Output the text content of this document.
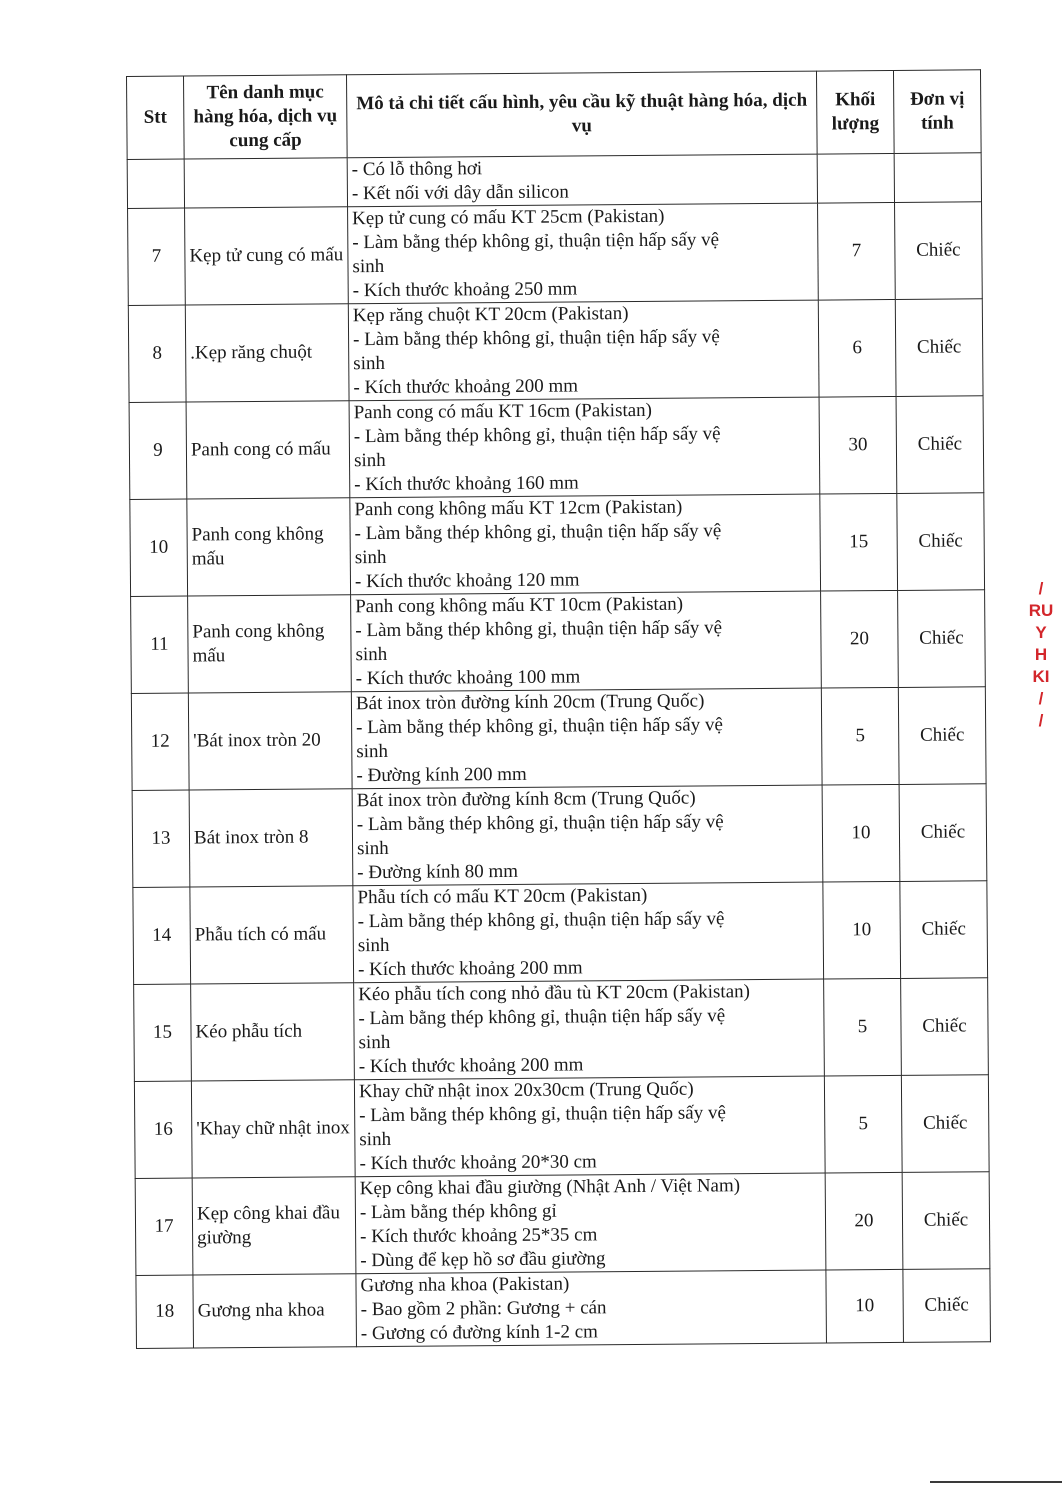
Stt	Tên danh mục hàng hóa, dịch vụ cung cấp	Mô tả chi tiết cấu hình, yêu cầu kỹ thuật hàng hóa, dịch vụ	Khối lượng	Đơn vị tính

		- Có lỗ thông hơi
- Kết nối với dây dẫn silicon		

7	Kẹp tử cung có mấu	Kẹp tử cung có mấu KT 25cm (Pakistan)
- Làm bằng thép không gỉ, thuận tiện hấp sấy vệ
sinh
- Kích thước khoảng 250 mm	7	Chiếc
8	.Kẹp răng chuột	Kẹp răng chuột KT 20cm (Pakistan)
- Làm bằng thép không gỉ, thuận tiện hấp sấy vệ
sinh
- Kích thước khoảng 200 mm	6	Chiếc
9	Panh cong có mấu	Panh cong có mấu KT 16cm (Pakistan)
- Làm bằng thép không gỉ, thuận tiện hấp sấy vệ
sinh
- Kích thước khoảng 160 mm	30	Chiếc
10	Panh cong không mấu	Panh cong không mấu KT 12cm (Pakistan)
- Làm bằng thép không gỉ, thuận tiện hấp sấy vệ
sinh
- Kích thước khoảng 120 mm	15	Chiếc
11	Panh cong không mấu	Panh cong không mấu KT 10cm (Pakistan)
- Làm bằng thép không gỉ, thuận tiện hấp sấy vệ
sinh
- Kích thước khoảng 100 mm	20	Chiếc
12	'Bát inox tròn 20	Bát inox tròn đường kính 20cm (Trung Quốc)
- Làm bằng thép không gỉ, thuận tiện hấp sấy vệ
sinh
- Đường kính 200 mm	5	Chiếc
13	Bát inox tròn 8	Bát inox tròn đường kính 8cm (Trung Quốc)
- Làm bằng thép không gỉ, thuận tiện hấp sấy vệ
sinh
- Đường kính 80 mm	10	Chiếc
14	Phẫu tích có mấu	Phẫu tích có mấu KT 20cm (Pakistan)
- Làm bằng thép không gỉ, thuận tiện hấp sấy vệ
sinh
- Kích thước khoảng 200 mm	10	Chiếc
15	Kéo phẫu tích	Kéo phẫu tích cong nhỏ đầu tù KT 20cm (Pakistan)
- Làm bằng thép không gỉ, thuận tiện hấp sấy vệ
sinh
- Kích thước khoảng 200 mm	5	Chiếc
16	'Khay chữ nhật inox	Khay chữ nhật inox 20x30cm (Trung Quốc)
- Làm bằng thép không gỉ, thuận tiện hấp sấy vệ
sinh
- Kích thước khoảng 20*30 cm	5	Chiếc
17	Kẹp công khai đầu giường	Kẹp công khai đầu giường (Nhật Anh / Việt Nam)
- Làm bằng thép không gỉ
- Kích thước khoảng 25*35 cm
- Dùng để kẹp hồ sơ đầu giường	20	Chiếc
18	Gương nha khoa	Gương nha khoa (Pakistan)
- Bao gồm 2 phần: Gương + cán
- Gương có đường kính 1-2 cm	10	Chiếc
/
RU
Y
H
KI
/
/
